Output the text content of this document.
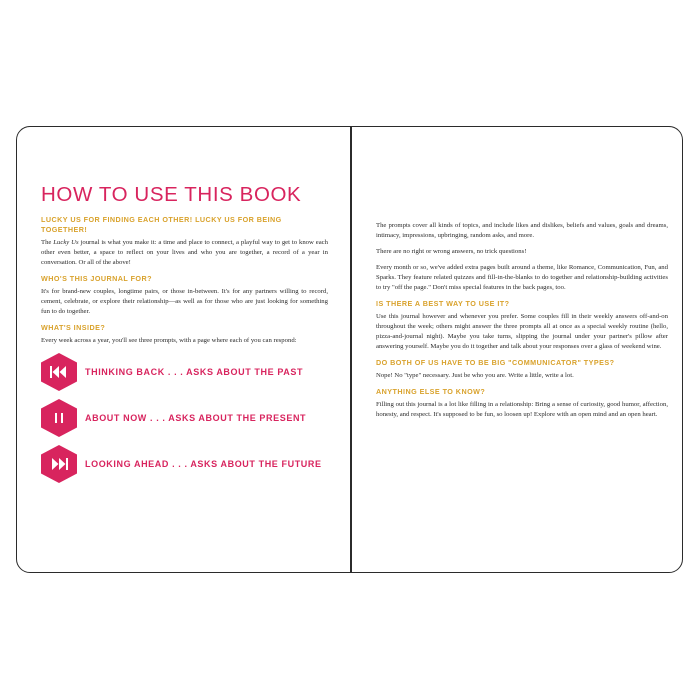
HOW TO USE THIS BOOK
LUCKY US FOR FINDING EACH OTHER! LUCKY US FOR BEING TOGETHER!

The Lucky Us journal is what you make it: a time and place to connect, a playful way to get to know each other even better, a space to reflect on your lives and who you are together, a record of a year in conversation. Or all of the above!

WHO'S THIS JOURNAL FOR?

It's for brand-new couples, longtime pairs, or those in-between. It's for any partners willing to record, cement, celebrate, or explore their relationship—as well as for those who are just looking for something fun to do together.

WHAT'S INSIDE?

Every week across a year, you'll see three prompts, with a page where each of you can respond:

THINKING BACK . . . ASKS ABOUT THE PAST
ABOUT NOW . . . ASKS ABOUT THE PRESENT
LOOKING AHEAD . . . ASKS ABOUT THE FUTURE

The prompts cover all kinds of topics, and include likes and dislikes, beliefs and values, goals and dreams, intimacy, impressions, upbringing, random asks, and more.

There are no right or wrong answers, no trick questions!

Every month or so, we've added extra pages built around a theme, like Romance, Communication, Fun, and Sparks. They feature related quizzes and fill-in-the-blanks to do together and relationship-building activities to try "off the page." Don't miss special features in the back pages, too.

IS THERE A BEST WAY TO USE IT?

Use this journal however and whenever you prefer. Some couples fill in their weekly answers off-and-on throughout the week; others might answer the three prompts all at once as a special weekly routine (hello, pizza-and-journal night). Maybe you take turns, slipping the journal under your partner's pillow after answering yourself. Maybe you do it together and talk about your responses over a glass of weekend wine.

DO BOTH OF US HAVE TO BE BIG "COMMUNICATOR" TYPES?

Nope! No "type" necessary. Just be who you are. Write a little, write a lot.

ANYTHING ELSE TO KNOW?

Filling out this journal is a lot like filling in a relationship: Bring a sense of curiosity, good humor, affection, honesty, and respect. It's supposed to be fun, so loosen up! Explore with an open mind and an open heart.
